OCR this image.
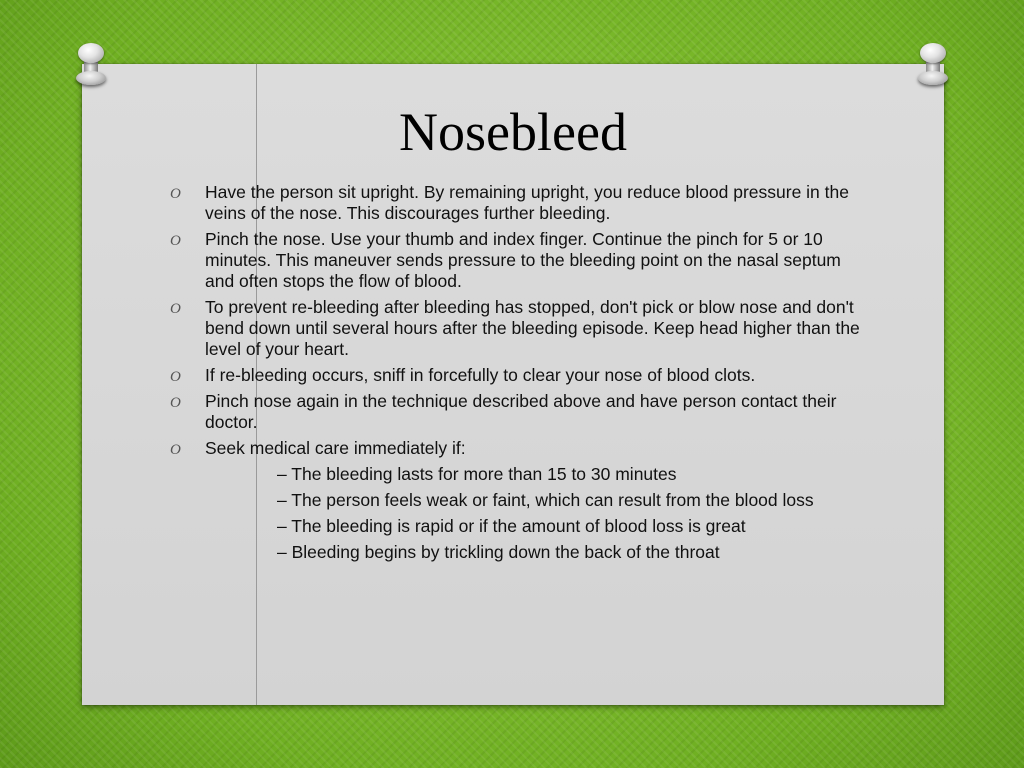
Nosebleed
O Have the person sit upright. By remaining upright, you reduce blood pressure in the veins of the nose. This discourages further bleeding.
O Pinch the nose. Use your thumb and index finger. Continue the pinch for 5 or 10 minutes. This maneuver sends pressure to the bleeding point on the nasal septum and often stops the flow of blood.
O To prevent re-bleeding after bleeding has stopped, don't pick or blow nose and don't bend down until several hours after the bleeding episode. Keep head higher than the level of your heart.
O If re-bleeding occurs, sniff in forcefully to clear your nose of blood clots.
O Pinch nose again in the technique described above and have person contact their doctor.
O Seek medical care immediately if:
– The bleeding lasts for more than 15 to 30 minutes
– The person feels weak or faint, which can result from the blood loss
– The bleeding is rapid or if the amount of blood loss is great
– Bleeding begins by trickling down the back of the throat
